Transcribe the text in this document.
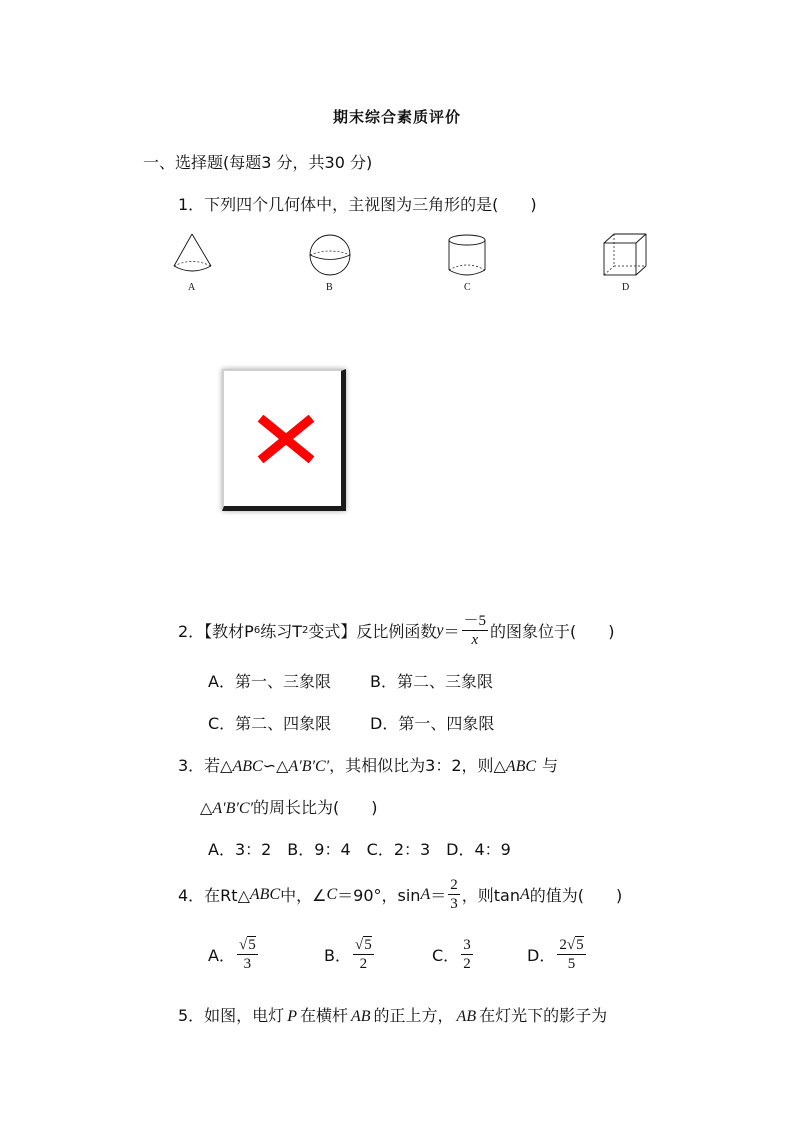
期末综合素质评价
一、选择题(每题3 分，共30 分)
1．下列四个几何体中，主视图为三角形的是(　　)
A	B	C	D
2．【教材P 6 练习T 2 变式】反比例函数 $y = \frac{-5}{x}$ 的图象位于(　　)
A．第一、三象限 B．第二、三象限
C．第二、四象限 D．第一、四象限
3．若△ABC∽△A′B′C′，其相似比为3：2，则△ABC 与
△A′B′C′的周长比为(　　)
A．3：2　B．9：4　C．2：3　D．4：9
4．在Rt△ ABC 中，∠ C ＝90°，$\sin A = \frac{2}{3}$ ，则tan A 的值为(　　)
A． $\frac{√5}{3}$	B． $\frac{√5}{2}$	C． $\frac{3}{2}$	D． $\frac{2√5}{5}$
5．如图，电灯 P 在横杆 AB 的正上方， AB 在灯光下的影子为
